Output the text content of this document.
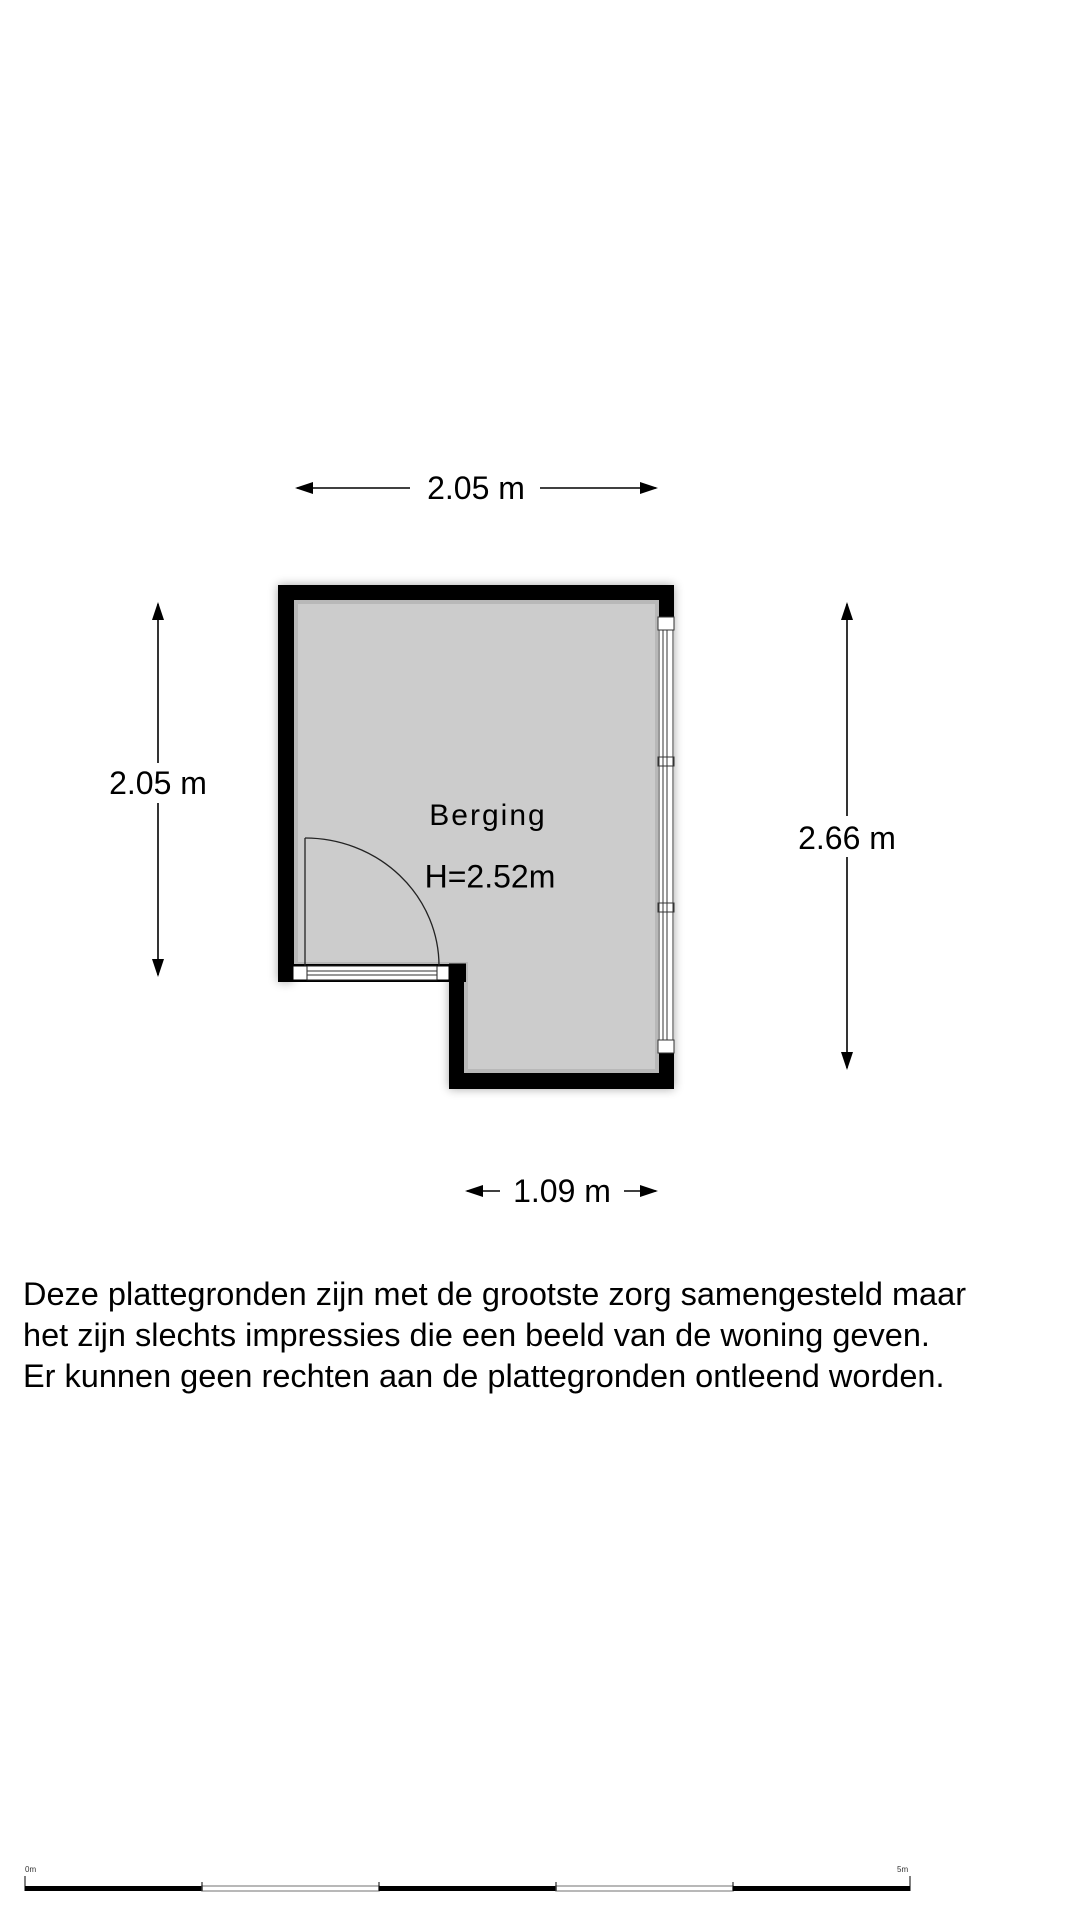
2.05 m
2.05 m
2.66 m
1.09 m
Berging
H=2.52m
Deze plattegronden zijn met de grootste zorg samengesteld maar
het zijn slechts impressies die een beeld van de woning geven.
Er kunnen geen rechten aan de plattegronden ontleend worden.
0m	5m
